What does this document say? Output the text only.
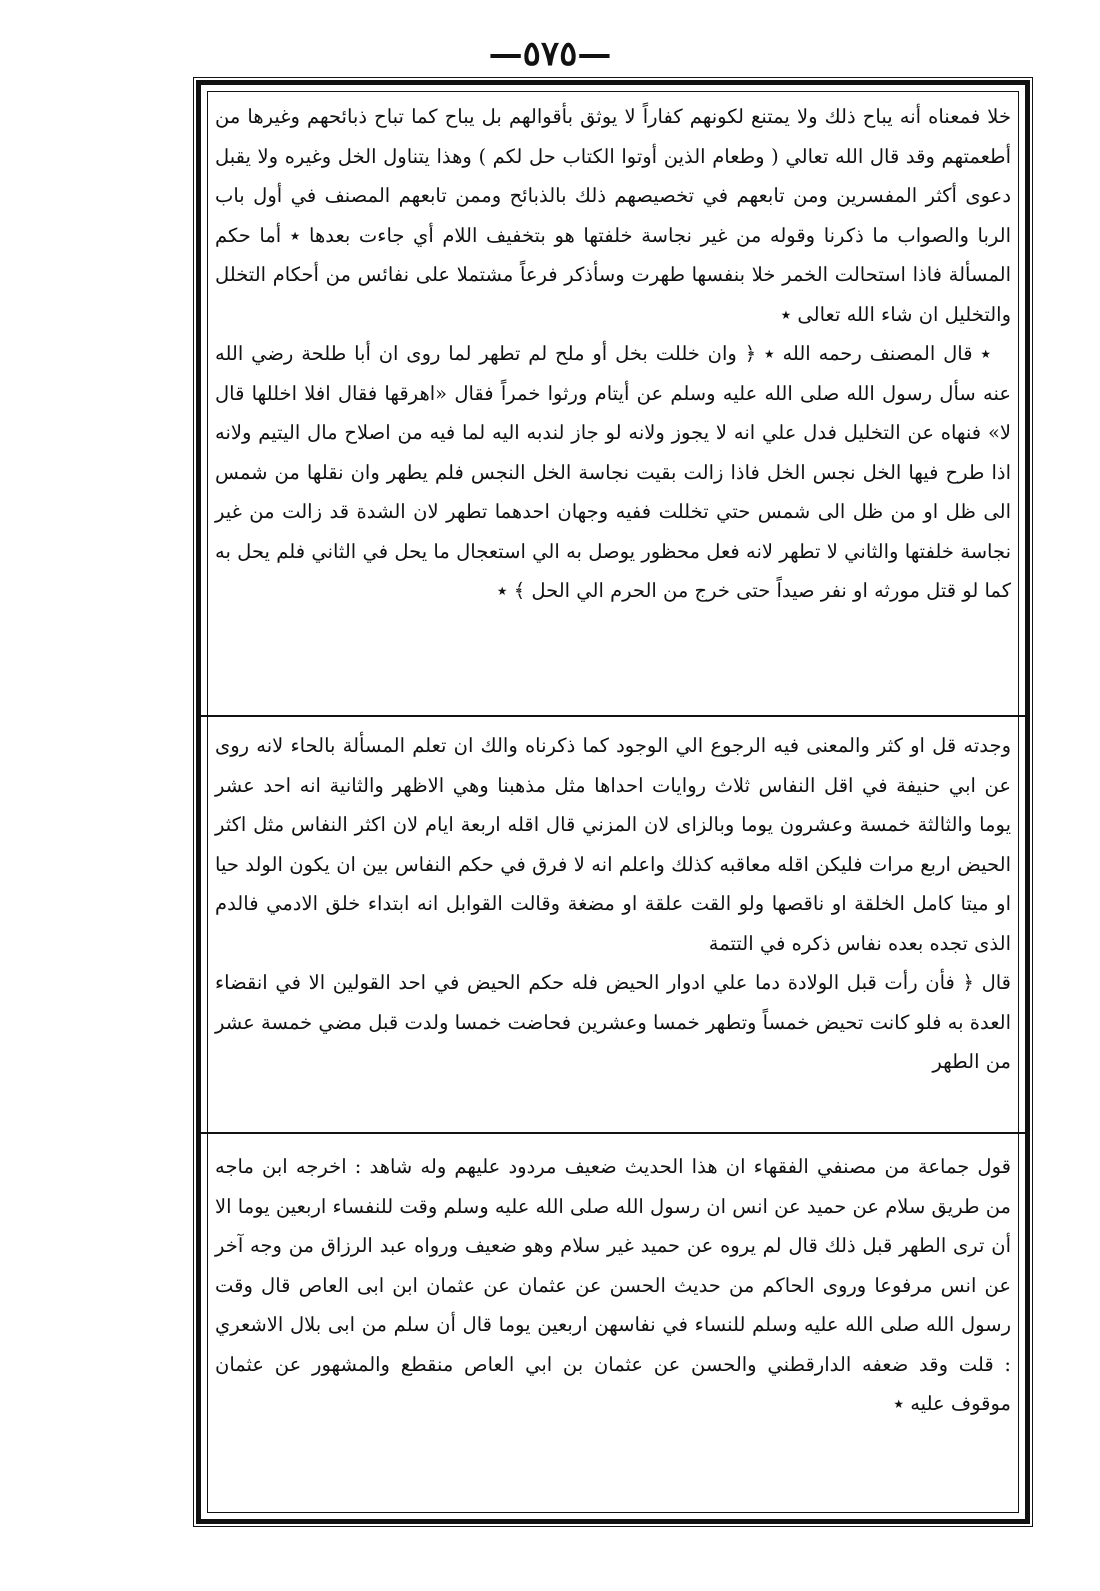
—٥٧٥—

خلا فمعناه أنه يباح ذلك ولا يمتنع لكونهم كفاراً لا يوثق بأقوالهم بل يباح كما تباح ذبائحهم وغيرها من أطعمتهم وقد قال الله تعالي ( وطعام الذين أوتوا الكتاب حل لكم ) وهذا يتناول الخل وغيره ولا يقبل دعوى أكثر المفسرين ومن تابعهم في تخصيصهم ذلك بالذبائح وممن تابعهم المصنف في أول باب الربا والصواب ما ذكرنا وقوله من غير نجاسة خلفتها هو بتخفيف اللام أي جاءت بعدها ٭ أما حكم المسألة فاذا استحالت الخمر خلا بنفسها طهرت وسأذكر فرعاً مشتملا على نفائس من أحكام التخلل والتخليل ان شاء الله تعالى ٭

٭ قال المصنف رحمه الله ٭ ﴿ وان خللت بخل أو ملح لم تطهر لما روى ان أبا طلحة رضي الله عنه سأل رسول الله صلى الله عليه وسلم عن أيتام ورثوا خمراً فقال «اهرقها فقال افلا اخللها قال لا» فنهاه عن التخليل فدل علي انه لا يجوز ولانه لو جاز لندبه اليه لما فيه من اصلاح مال اليتيم ولانه اذا طرح فيها الخل نجس الخل فاذا زالت بقيت نجاسة الخل النجس فلم يطهر وان نقلها من شمس الى ظل او من ظل الى شمس حتي تخللت ففيه وجهان احدهما تطهر لان الشدة قد زالت من غير نجاسة خلفتها والثاني لا تطهر لانه فعل محظور يوصل به الي استعجال ما يحل في الثاني فلم يحل به كما لو قتل مورثه او نفر صيداً حتى خرج من الحرم الي الحل ﴾ ٭

وجدته قل او كثر والمعنى فيه الرجوع الي الوجود كما ذكرناه والك ان تعلم المسألة بالحاء لانه روى عن ابي حنيفة في اقل النفاس ثلاث روايات احداها مثل مذهبنا وهي الاظهر والثانية انه احد عشر يوما والثالثة خمسة وعشرون يوما وبالزاى لان المزني قال اقله اربعة ايام لان اكثر النفاس مثل اكثر الحيض اربع مرات فليكن اقله معاقبه كذلك واعلم انه لا فرق في حكم النفاس بين ان يكون الولد حيا او ميتا كامل الخلقة او ناقصها ولو القت علقة او مضغة وقالت القوابل انه ابتداء خلق الادمي فالدم الذى تجده بعده نفاس ذكره في التتمة

قال ﴿ فأن رأت قبل الولادة دما علي ادوار الحيض فله حكم الحيض في احد القولين الا في انقضاء العدة به فلو كانت تحيض خمساً وتطهر خمسا وعشرين فحاضت خمسا ولدت قبل مضي خمسة عشر من الطهر

قول جماعة من مصنفي الفقهاء ان هذا الحديث ضعيف مردود عليهم وله شاهد : اخرجه ابن ماجه من طريق سلام عن حميد عن انس ان رسول الله صلى الله عليه وسلم وقت للنفساء اربعين يوما الا أن ترى الطهر قبل ذلك قال لم يروه عن حميد غير سلام وهو ضعيف ورواه عبد الرزاق من وجه آخر عن انس مرفوعا وروى الحاكم من حديث الحسن عن عثمان عن عثمان ابن ابى العاص قال وقت رسول الله صلى الله عليه وسلم للنساء في نفاسهن اربعين يوما قال أن سلم من ابى بلال الاشعري : قلت وقد ضعفه الدارقطني والحسن عن عثمان بن ابي العاص منقطع والمشهور عن عثمان موقوف عليه ٭
